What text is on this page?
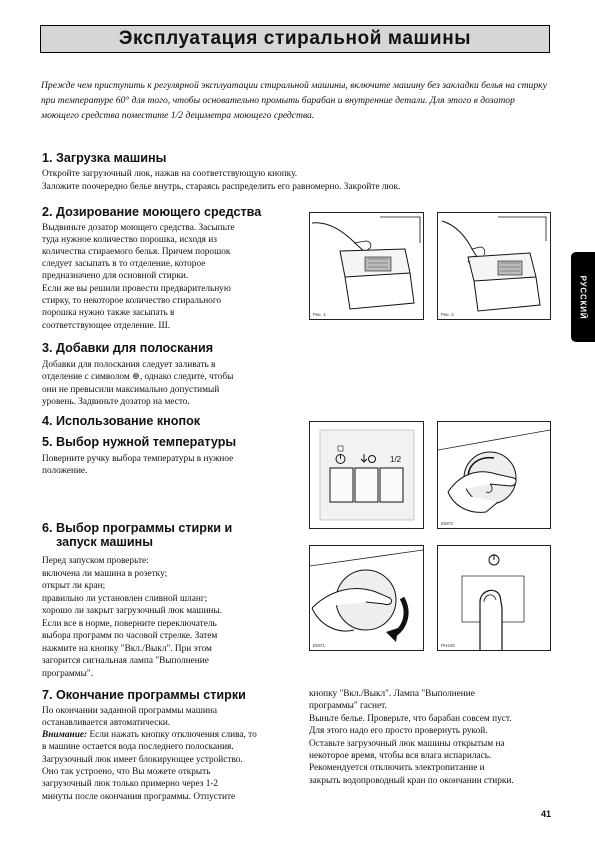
Эксплуатация стиральной машины

Прежде чем приступить к регулярной эксплуатации стиральной машины, включите машину без закладки белья на стирку при температуре 60° для того, чтобы основательно промыть барабан и внутренние детали. Для этого в дозатор моющего средства поместите 1/2 дециметра моющего средства.

1. Загрузка машины

Откройте загрузочный люк, нажав на соответствующую кнопку.

Заложите поочередно белье внутрь, стараясь распределить его равномерно. Закройте люк.

2. Дозирование моющего средства

Выдвиньте дозатор моющего средства. Засыпьте

туда нужное количество порошка, исходя из

количества стираемого белья. Причем порошок

следует засыпать в то отделение, которое

предназначено для основной стирки.

Если же вы решили провести предварительную

стирку, то некоторое количество стирального

порошка нужно также засыпать в

соответствующее отделение. Ш.

3. Добавки для полоскания

Добавки для полоскания следует заливать в

отделение с символом ⊛, однако следите, чтобы

они не превысили максимально допустимый

уровень. Задвиньте дозатор на место.

4. Использование кнопок
5. Выбор нужной температуры

Поверните ручку выбора температуры в нужное

положение.

6. Выбор программы стирки и
запуск машины

Перед запуском проверьте:

включена ли машина в розетку;

открыт ли кран;

правильно ли установлен сливной шланг;

хорошо ли закрыт загрузочный люк машины.

Если все в норме, поверните переключатель

выбора программ по часовой стрелке. Затем

нажмите на кнопку "Вкл./Выкл". При этом

загорится сигнальная лампа "Выполнение

программы".

7. Окончание программы стирки

По окончании заданной программы машина

останавливается автоматически.

Внимание: Если нажать кнопку отключения слива, то

в машине остается вода последнего полоскания.

Загрузочный люк имеет блокирующее устройство.

Оно так устроено, что Вы можете открыть

загрузочный люк только примерно через 1-2

минуты после окончания программы. Отпустите

кнопку "Вкл./Выкл". Лампа "Выполнение

программы" гаснет.

Выньте белье. Проверьте, что барабан совсем пуст.

Для этого надо его просто провернуть рукой.

Оставьте загрузочный люк машины открытым на

некоторое время, чтобы вся влага испарилась.

Рекомендуется отключить электропитание и

закрыть водопроводный кран по окончании стирки.

Рис. 1	Рис. 2
1/2
EM73
EM71	PH440
РУССКИЙ
41
